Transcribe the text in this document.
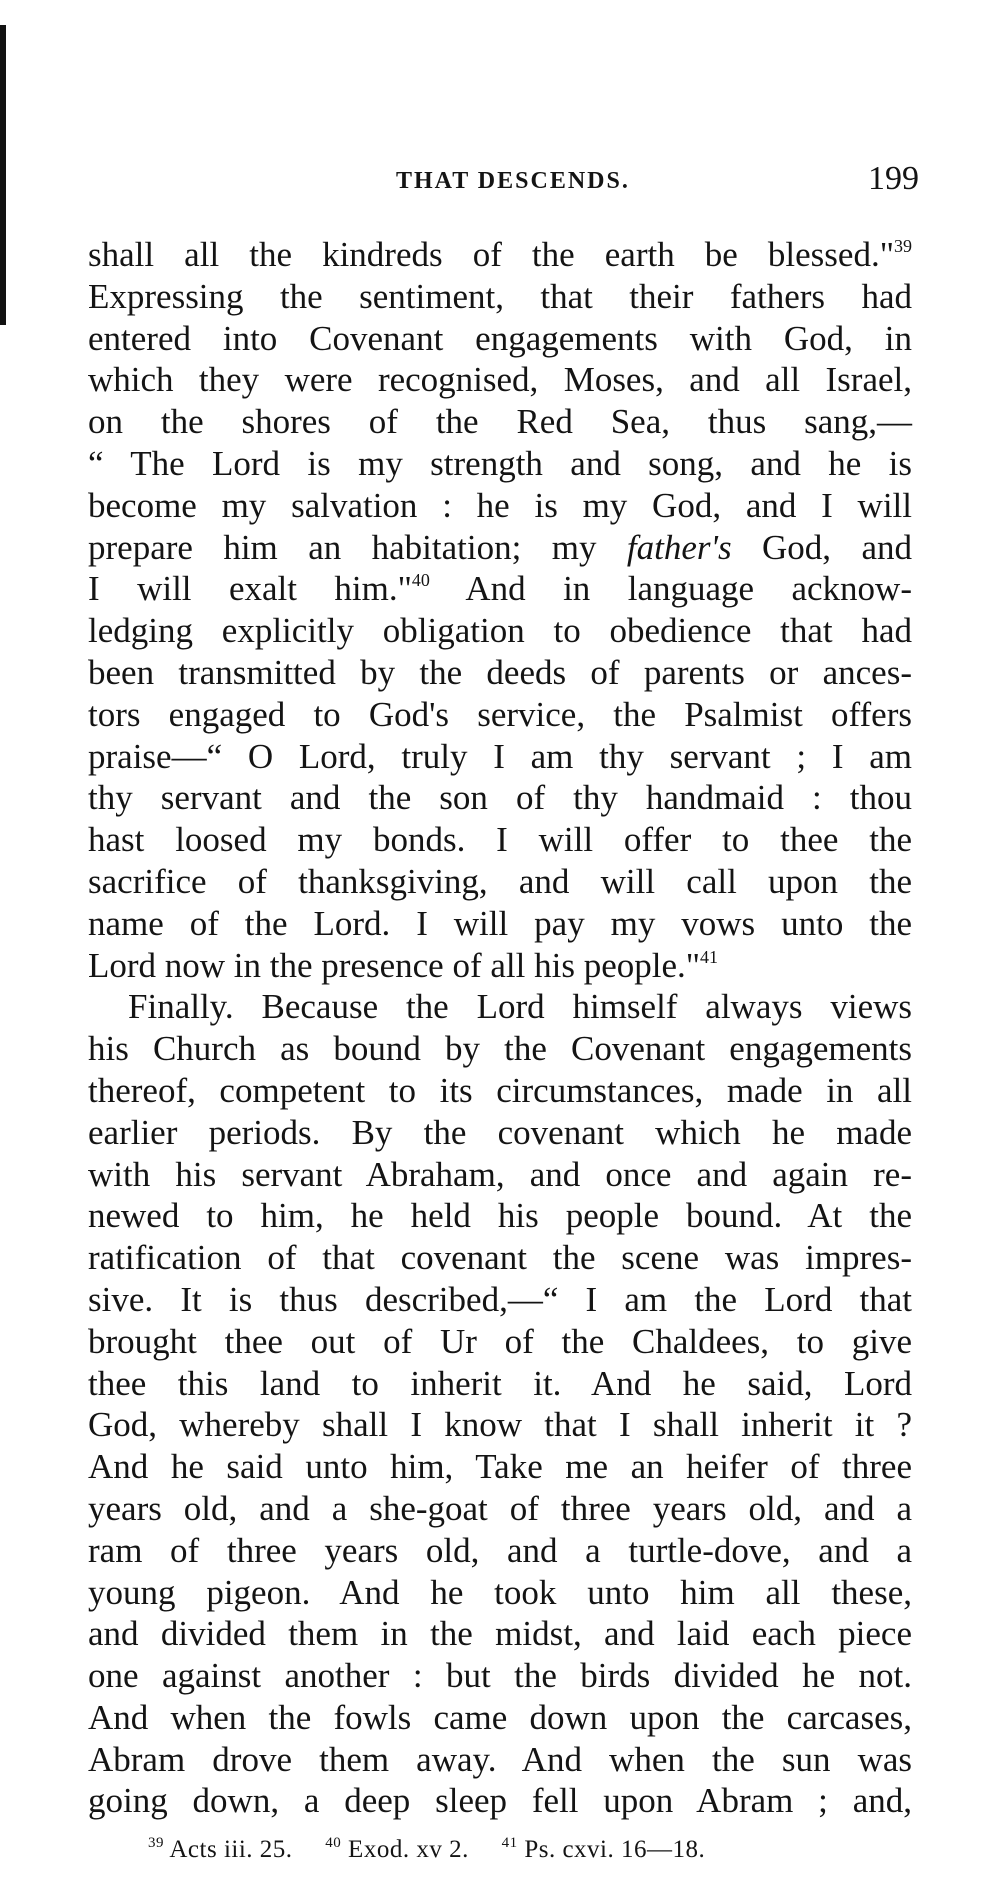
THAT DESCENDS.	199
shall all the kindreds of the earth be blessed."$^{39}$
Expressing the sentiment, that their fathers had
entered into Covenant engagements with God, in
which they were recognised, Moses, and all Israel,
on the shores of the Red Sea, thus sang,—
“ The Lord is my strength and song, and he is
become my salvation : he is my God, and I will
prepare him an habitation; my father's God, and
I will exalt him."$^{40}$ And in language acknow-
ledging explicitly obligation to obedience that had
been transmitted by the deeds of parents or ances-
tors engaged to God's service, the Psalmist offers
praise—“ O Lord, truly I am thy servant ; I am
thy servant and the son of thy handmaid : thou
hast loosed my bonds. I will offer to thee the
sacrifice of thanksgiving, and will call upon the
name of the Lord. I will pay my vows unto the
Lord now in the presence of all his people."$^{41}$
Finally. Because the Lord himself always views
his Church as bound by the Covenant engagements
thereof, competent to its circumstances, made in all
earlier periods. By the covenant which he made
with his servant Abraham, and once and again re-
newed to him, he held his people bound. At the
ratification of that covenant the scene was impres-
sive. It is thus described,—“ I am the Lord that
brought thee out of Ur of the Chaldees, to give
thee this land to inherit it. And he said, Lord
God, whereby shall I know that I shall inherit it ?
And he said unto him, Take me an heifer of three
years old, and a she-goat of three years old, and a
ram of three years old, and a turtle-dove, and a
young pigeon. And he took unto him all these,
and divided them in the midst, and laid each piece
one against another : but the birds divided he not.
And when the fowls came down upon the carcases,
Abram drove them away. And when the sun was
going down, a deep sleep fell upon Abram ; and,
$^{39}$ Acts iii. 25. $^{40}$ Exod. xv 2. $^{41}$ Ps. cxvi. 16—18.
